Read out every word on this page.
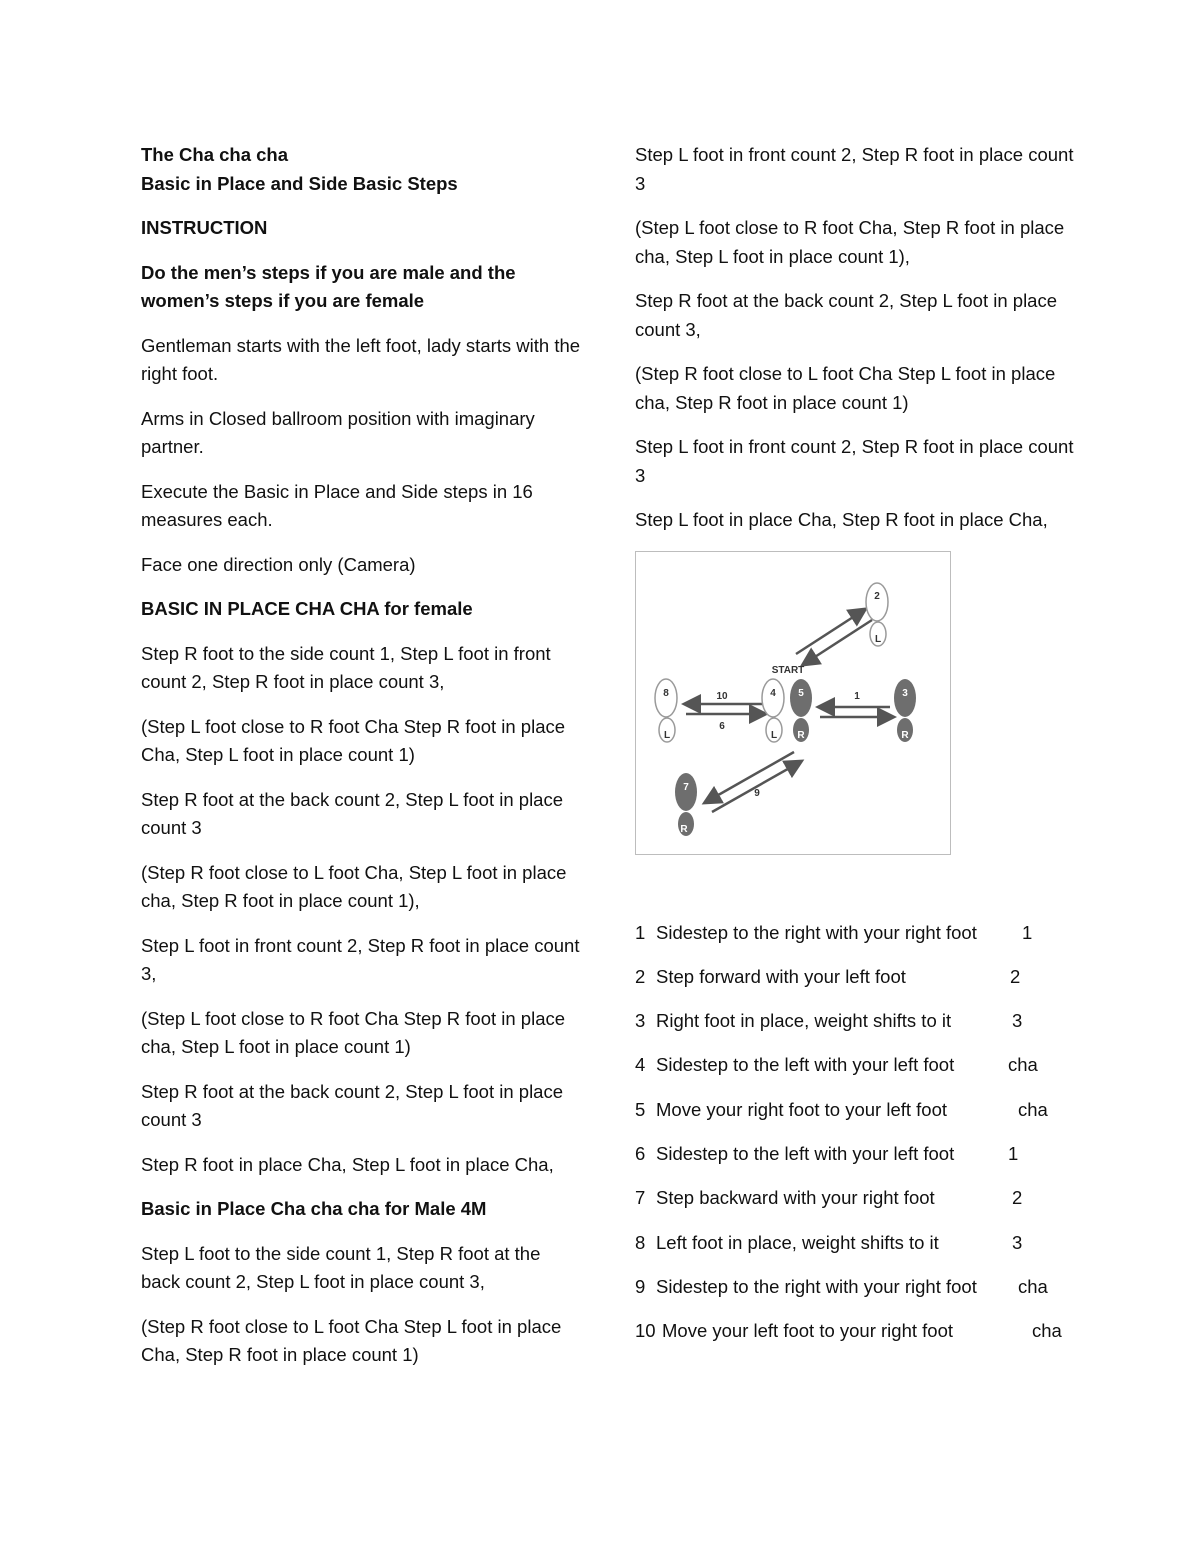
The Cha cha cha
Basic in Place and Side Basic Steps

INSTRUCTION

Do the men’s steps if you are male and the women’s steps if you are female

Gentleman starts with the left foot, lady starts with the right foot.

Arms in Closed ballroom position with imaginary partner.

Execute the Basic in Place and Side steps in 16 measures each.

Face one direction only (Camera)

BASIC IN PLACE CHA CHA for female

Step R foot to the side count 1, Step L foot in front count 2, Step R foot in place count 3,

(Step L foot close to R foot Cha Step R foot in place Cha, Step L foot in place count 1)

Step R foot at the back count 2, Step L foot in place count 3

(Step R foot close to L foot Cha, Step L foot in place cha, Step R foot in place count 1),

Step L foot in front count 2, Step R foot in place count 3,

(Step L foot close to R foot Cha Step R foot in place cha, Step L foot in place count 1)

Step R foot at the back count 2, Step L foot in place count 3

Step R foot in place Cha, Step L foot in place Cha,

Basic in Place Cha cha cha for Male 4M

Step L foot to the side count 1, Step R foot at the back count 2, Step L foot in place count 3,

(Step R foot close to L foot Cha Step L foot in place Cha, Step R foot in place count 1)

Step L foot in front count 2, Step R foot in place count 3

(Step L foot close to R foot Cha, Step R foot in place cha, Step L foot in place count 1),

Step R foot at the back count 2, Step L foot in place count 3,

(Step R foot close to L foot Cha Step L foot in place cha, Step R foot in place count 1)

Step L foot in front count 2, Step R foot in place count 3

Step L foot in place Cha, Step R foot in place Cha,

2
L
START
8
L
4
L
5
R
3
R
7
R
10
6
1
9
1 Sidestep to the right with your right foot	1
2 Step forward with your left foot	2
3 Right foot in place, weight shifts to it	3
4 Sidestep to the left with your left foot	cha
5 Move your right foot to your left foot	cha
6 Sidestep to the left with your left foot	1
7 Step backward with your right foot	2
8 Left foot in place, weight shifts to it	3
9 Sidestep to the right with your right foot	cha
10 Move your left foot to your right foot	cha
